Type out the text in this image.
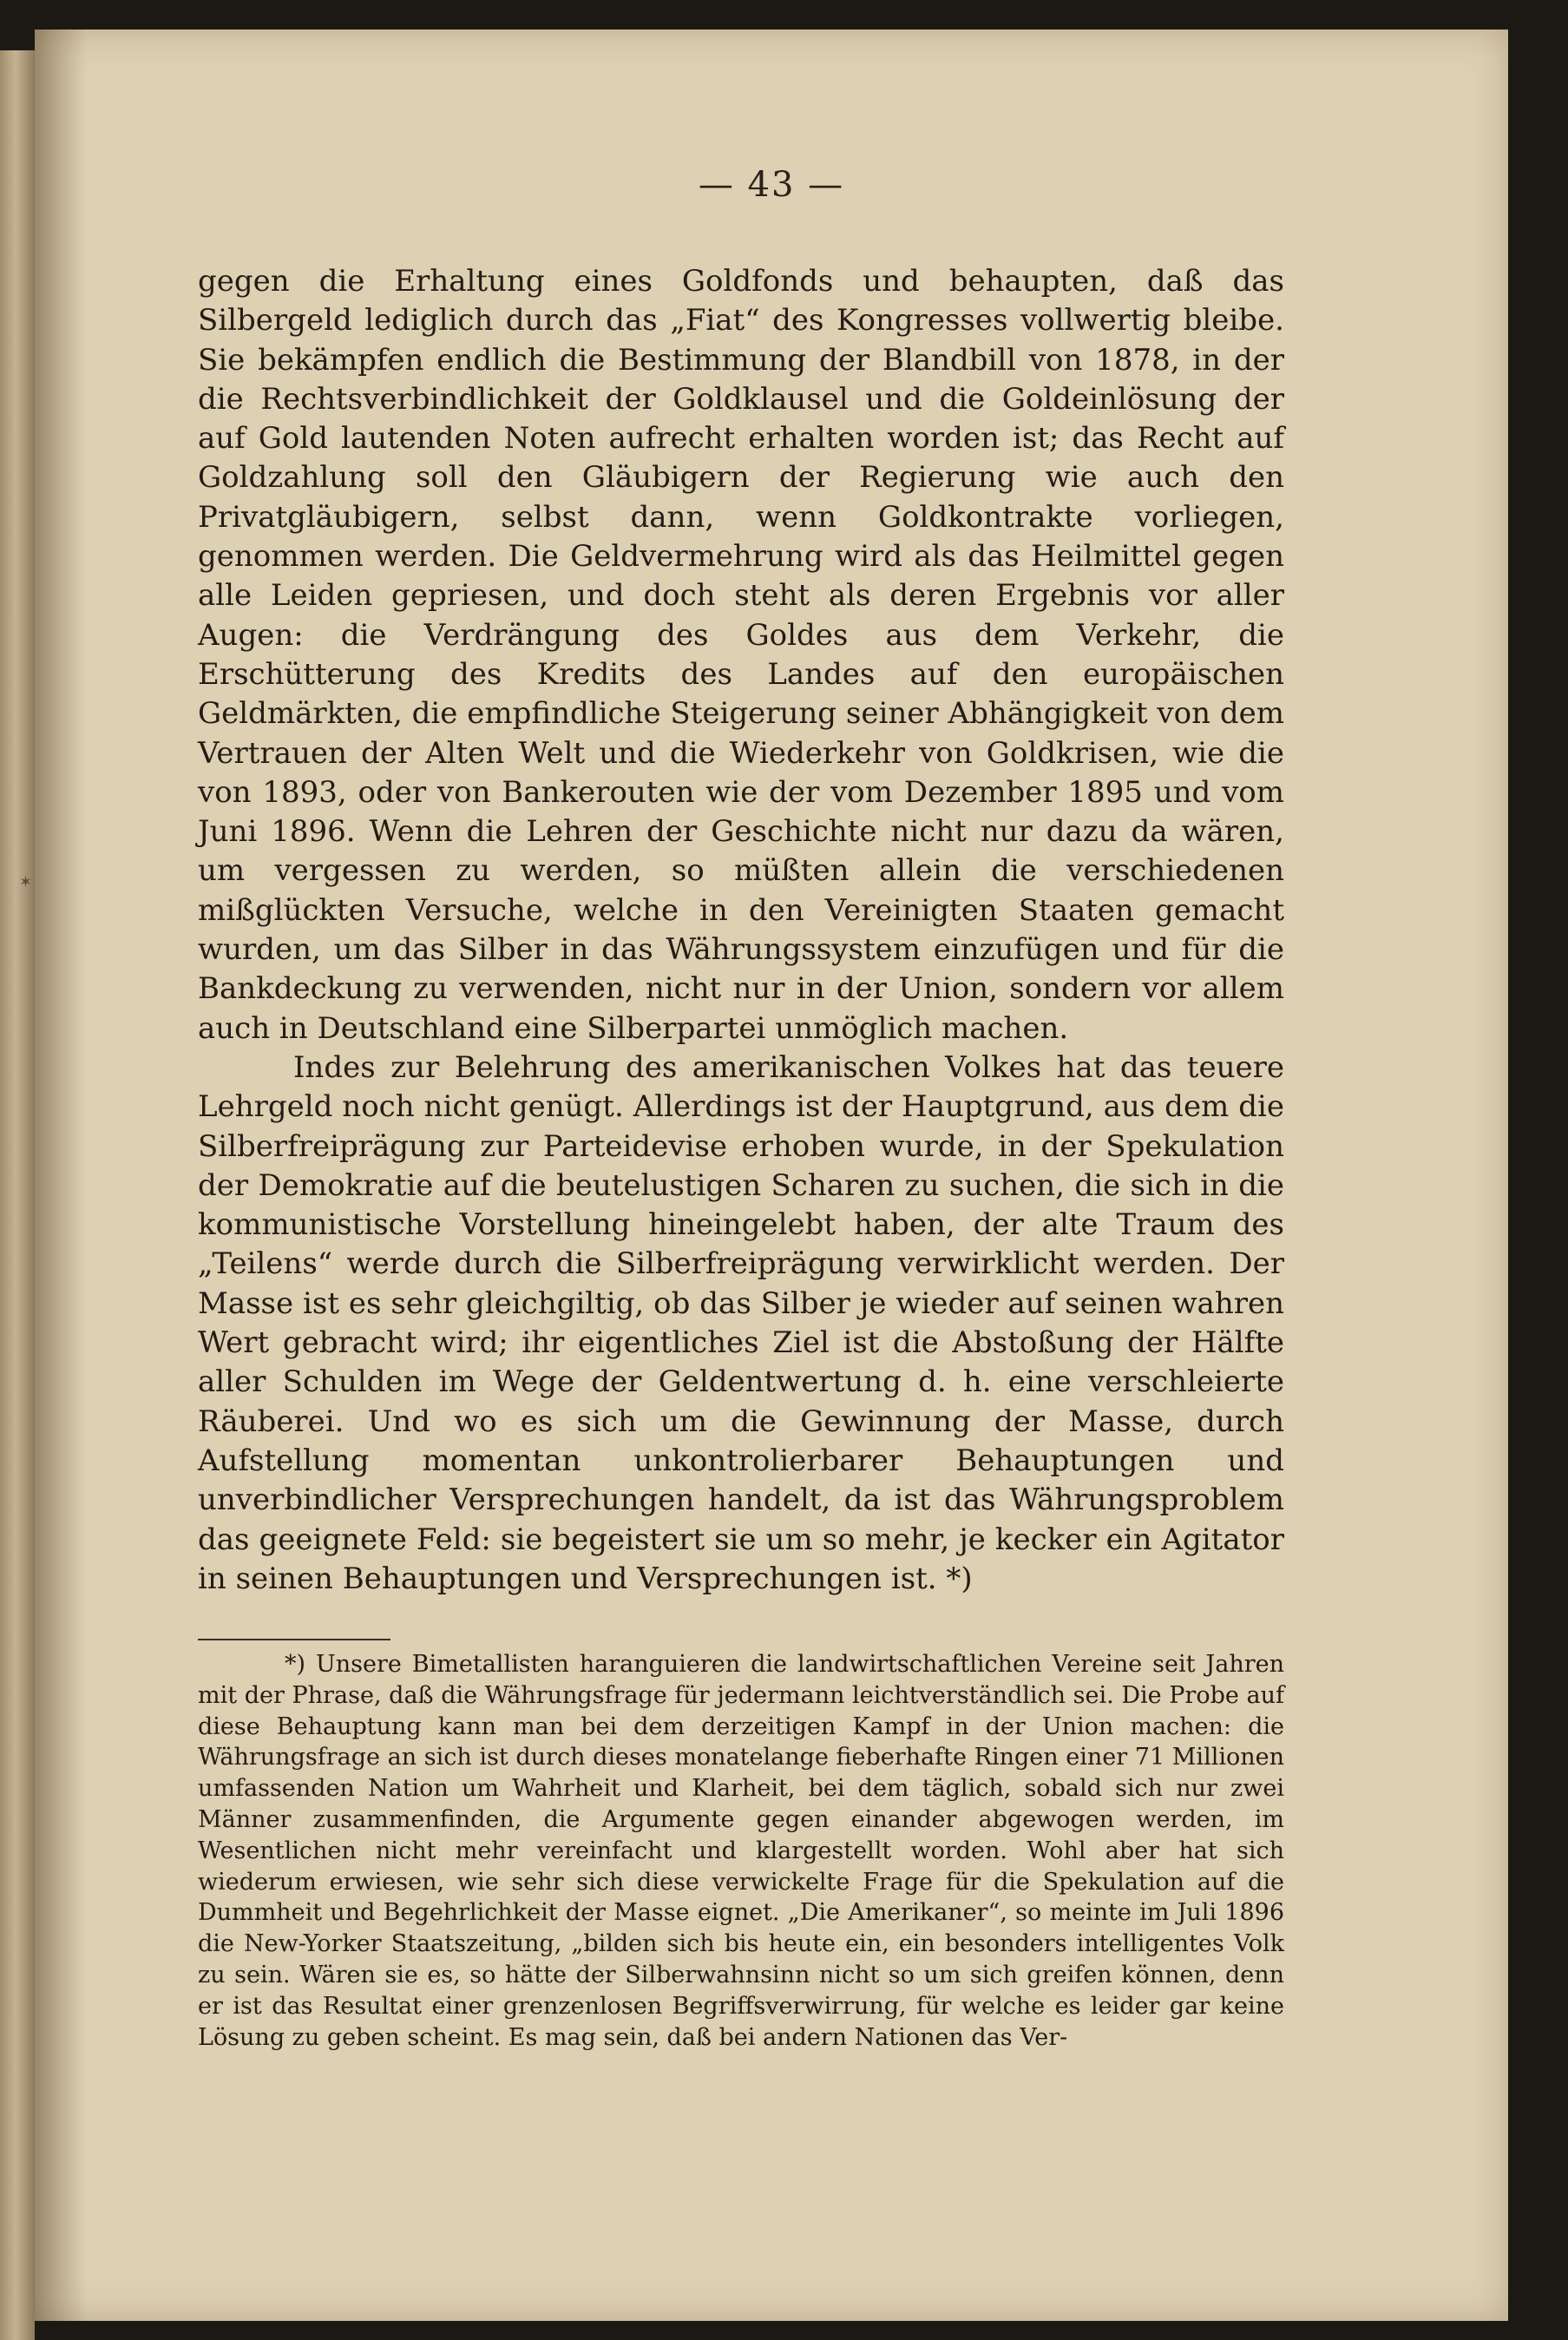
— 43 —

gegen die Erhaltung eines Goldfonds und behaupten, daß das Silbergeld lediglich durch das „Fiat“ des Kongresses vollwertig bleibe. Sie bekämpfen endlich die Bestimmung der Blandbill von 1878, in der die Rechtsverbindlichkeit der Goldklausel und die Goldeinlösung der auf Gold lautenden Noten aufrecht erhalten worden ist; das Recht auf Goldzahlung soll den Gläubigern der Regierung wie auch den Privatgläubigern, selbst dann, wenn Goldkontrakte vorliegen, genommen werden. Die Geldvermehrung wird als das Heilmittel gegen alle Leiden gepriesen, und doch steht als deren Ergebnis vor aller Augen: die Verdrängung des Goldes aus dem Verkehr, die Erschütterung des Kredits des Landes auf den europäischen Geldmärkten, die empfindliche Steigerung seiner Abhängigkeit von dem Vertrauen der Alten Welt und die Wiederkehr von Goldkrisen, wie die von 1893, oder von Bankerouten wie der vom Dezember 1895 und vom Juni 1896. Wenn die Lehren der Geschichte nicht nur dazu da wären, um vergessen zu werden, so müßten allein die verschiedenen mißglückten Versuche, welche in den Vereinigten Staaten gemacht wurden, um das Silber in das Währungssystem einzufügen und für die Bankdeckung zu verwenden, nicht nur in der Union, sondern vor allem auch in Deutschland eine Silberpartei unmöglich machen.

Indes zur Belehrung des amerikanischen Volkes hat das teuere Lehrgeld noch nicht genügt. Allerdings ist der Hauptgrund, aus dem die Silberfreiprägung zur Parteidevise erhoben wurde, in der Spekulation der Demokratie auf die beutelustigen Scharen zu suchen, die sich in die kommunistische Vorstellung hineingelebt haben, der alte Traum des „Teilens“ werde durch die Silberfreiprägung verwirklicht werden. Der Masse ist es sehr gleichgiltig, ob das Silber je wieder auf seinen wahren Wert gebracht wird; ihr eigentliches Ziel ist die Abstoßung der Hälfte aller Schulden im Wege der Geldentwertung d. h. eine verschleierte Räuberei. Und wo es sich um die Gewinnung der Masse, durch Aufstellung momentan unkontrolierbarer Behauptungen und unverbindlicher Versprechungen handelt, da ist das Währungsproblem das geeignete Feld: sie begeistert sie um so mehr, je kecker ein Agitator in seinen Behauptungen und Versprechungen ist. *)

*) Unsere Bimetallisten haranguieren die landwirtschaftlichen Vereine seit Jahren mit der Phrase, daß die Währungsfrage für jedermann leichtverständlich sei. Die Probe auf diese Behauptung kann man bei dem derzeitigen Kampf in der Union machen: die Währungsfrage an sich ist durch dieses monatelange fieberhafte Ringen einer 71 Millionen umfassenden Nation um Wahrheit und Klarheit, bei dem täglich, sobald sich nur zwei Männer zusammenfinden, die Argumente gegen einander abgewogen werden, im Wesentlichen nicht mehr vereinfacht und klargestellt worden. Wohl aber hat sich wiederum erwiesen, wie sehr sich diese verwickelte Frage für die Spekulation auf die Dummheit und Begehrlichkeit der Masse eignet. „Die Amerikaner“, so meinte im Juli 1896 die New-Yorker Staatszeitung, „bilden sich bis heute ein, ein besonders intelligentes Volk zu sein. Wären sie es, so hätte der Silberwahnsinn nicht so um sich greifen können, denn er ist das Resultat einer grenzenlosen Begriffsverwirrung, für welche es leider gar keine Lösung zu geben scheint. Es mag sein, daß bei andern Nationen das Ver-

✶
